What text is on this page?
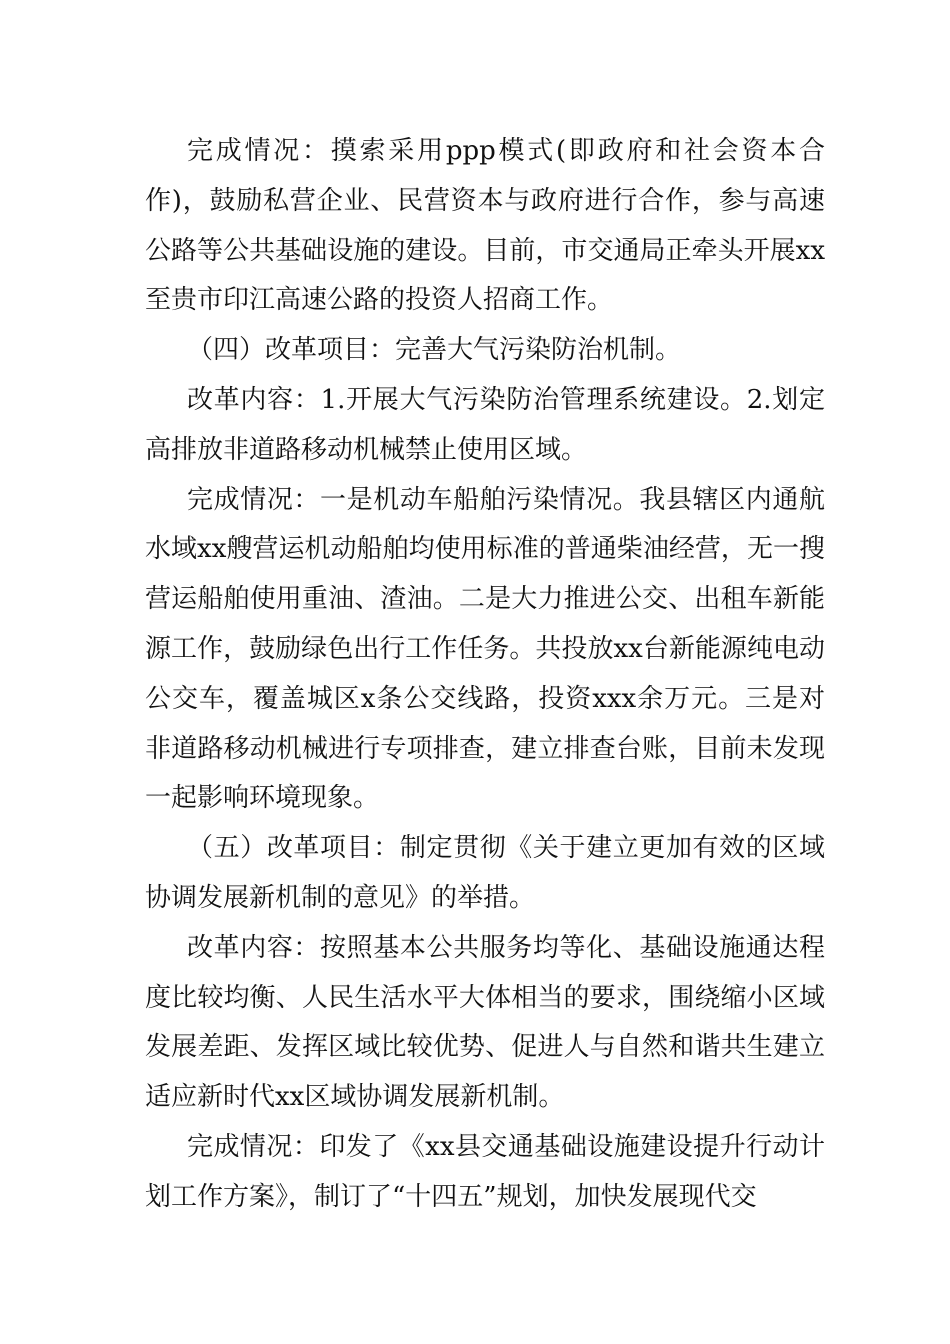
完成情况：摸索采用ppp模式(即政府和社会资本合作)，鼓励私营企业、民营资本与政府进行合作，参与高速公路等公共基础设施的建设。目前，市交通局正牵头开展xx至贵市印江高速公路的投资人招商工作。

（四）改革项目：完善大气污染防治机制。

改革内容：1.开展大气污染防治管理系统建设。2.划定高排放非道路移动机械禁止使用区域。

完成情况：一是机动车船舶污染情况。我县辖区内通航水域xx艘营运机动船舶均使用标准的普通柴油经营，无一搜营运船舶使用重油、渣油。二是大力推进公交、出租车新能源工作，鼓励绿色出行工作任务。共投放xx台新能源纯电动公交车，覆盖城区x条公交线路，投资xxx余万元。三是对非道路移动机械进行专项排查，建立排查台账，目前未发现一起影响环境现象。

（五）改革项目：制定贯彻《关于建立更加有效的区域协调发展新机制的意见》的举措。

改革内容：按照基本公共服务均等化、基础设施通达程度比较均衡、人民生活水平大体相当的要求，围绕缩小区域发展差距、发挥区域比较优势、促进人与自然和谐共生建立适应新时代xx区域协调发展新机制。

完成情况：印发了《xx县交通基础设施建设提升行动计划工作方案》，制订了“十四五”规划，加快发展现代交
